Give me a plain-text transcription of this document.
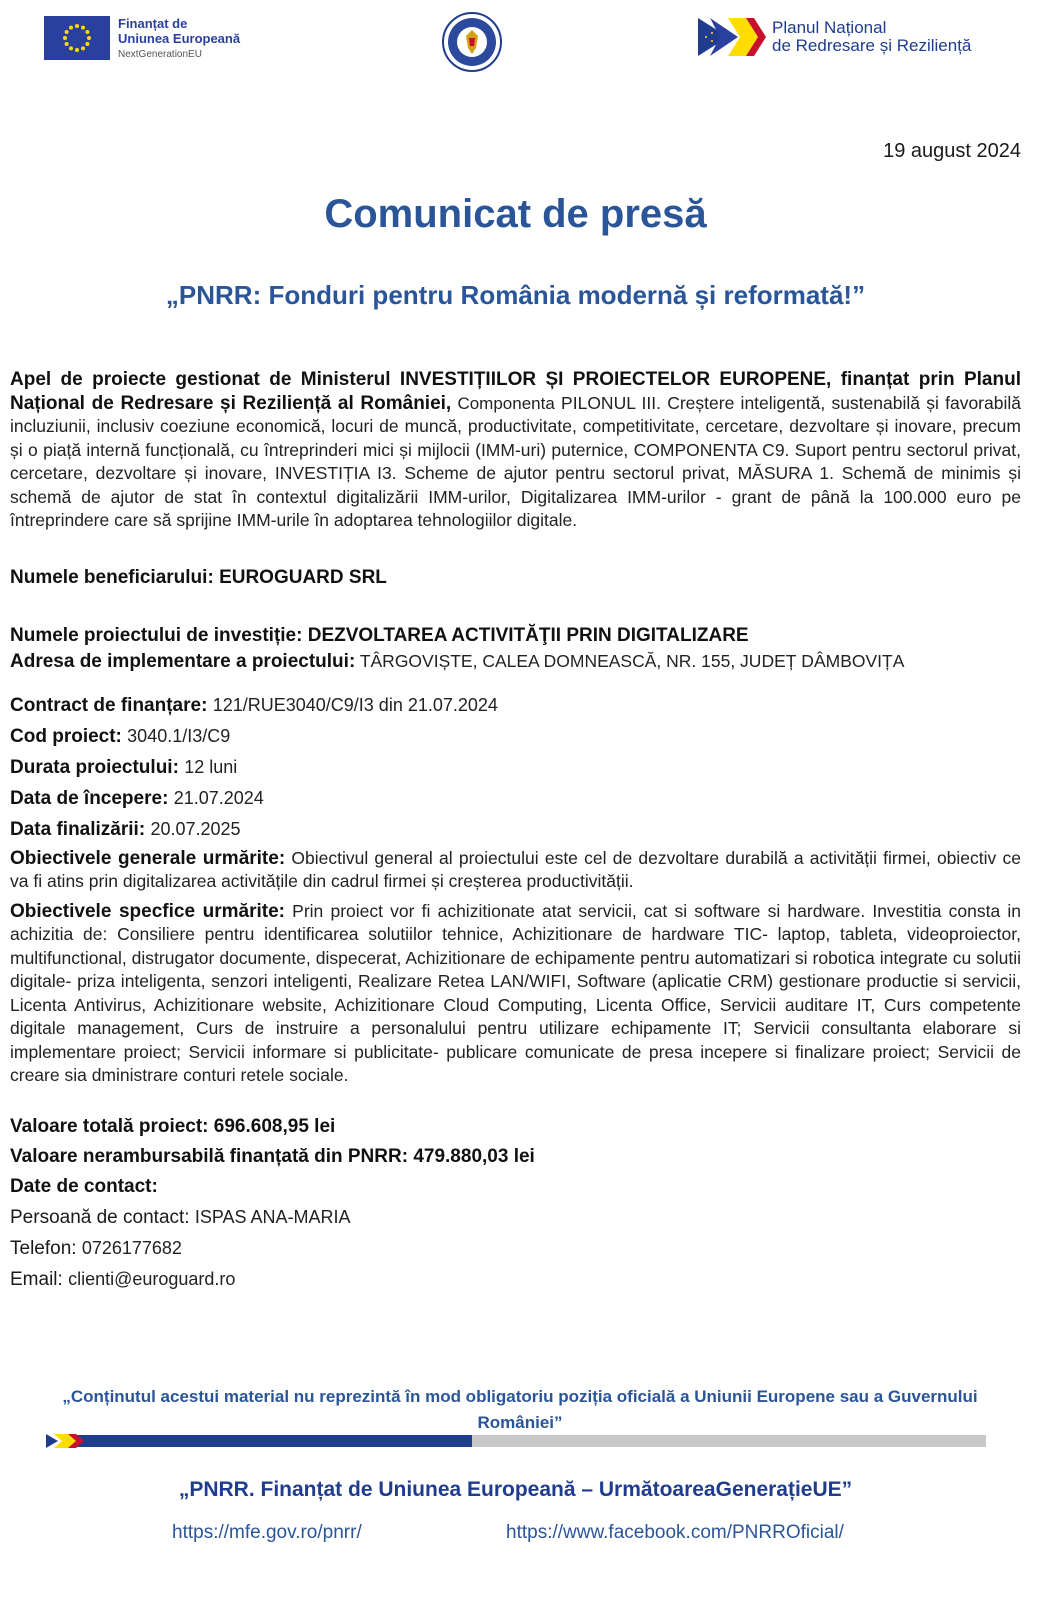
Finanțat de
Uniunea Europeană
NextGenerationEU
Planul Național
de Redresare și Reziliență
19 august 2024
Comunicat de presă
„PNRR: Fonduri pentru România modernă și reformată!”
Apel de proiecte gestionat de Ministerul INVESTIȚIILOR ȘI PROIECTELOR EUROPENE, finanțat prin Planul Național de Redresare și Reziliență al României, Componenta PILONUL III. Creștere inteligentă, sustenabilă și favorabilă incluziunii, inclusiv coeziune economică, locuri de muncă, productivitate, competitivitate, cercetare, dezvoltare și inovare, precum și o piață internă funcțională, cu întreprinderi mici și mijlocii (IMM-uri) puternice, COMPONENTA C9. Suport pentru sectorul privat, cercetare, dezvoltare și inovare, INVESTIȚIA I3. Scheme de ajutor pentru sectorul privat, MĂSURA 1. Schemă de minimis și schemă de ajutor de stat în contextul digitalizării IMM-urilor, Digitalizarea IMM-urilor - grant de până la 100.000 euro pe întreprindere care să sprijine IMM-urile în adoptarea tehnologiilor digitale.
Numele beneficiarului: EUROGUARD SRL
Numele proiectului de investiție: DEZVOLTAREA ACTIVITĂŢII PRIN DIGITALIZARE
Adresa de implementare a proiectului: TÂRGOVIȘTE, CALEA DOMNEASCĂ, NR. 155, JUDEȚ DÂMBOVIȚA
Contract de finanțare: 121/RUE3040/C9/I3 din 21.07.2024
Cod proiect: 3040.1/I3/C9
Durata proiectului: 12 luni
Data de începere: 21.07.2024
Data finalizării: 20.07.2025
Obiectivele generale urmărite: Obiectivul general al proiectului este cel de dezvoltare durabilă a activității firmei, obiectiv ce va fi atins prin digitalizarea activitățile din cadrul firmei și creșterea productivității.
Obiectivele specfice urmărite: Prin proiect vor fi achizitionate atat servicii, cat si software si hardware. Investitia consta in achizitia de: Consiliere pentru identificarea solutiilor tehnice, Achizitionare de hardware TIC- laptop, tableta, videoproiector, multifunctional, distrugator documente, dispecerat, Achizitionare de echipamente pentru automatizari si robotica integrate cu solutii digitale- priza inteligenta, senzori inteligenti, Realizare Retea LAN/WIFI, Software (aplicatie CRM) gestionare productie si servicii, Licenta Antivirus, Achizitionare website, Achizitionare Cloud Computing, Licenta Office, Servicii auditare IT, Curs competente digitale management, Curs de instruire a personalului pentru utilizare echipamente IT; Servicii consultanta elaborare si implementare proiect; Servicii informare si publicitate- publicare comunicate de presa incepere si finalizare proiect; Servicii de creare sia dministrare conturi retele sociale.
Valoare totală proiect: 696.608,95 lei
Valoare nerambursabilă finanțată din PNRR: 479.880,03 lei
Date de contact:
Persoană de contact: ISPAS ANA-MARIA
Telefon: 0726177682
Email: clienti@euroguard.ro
„Conținutul acestui material nu reprezintă în mod obligatoriu poziția oficială a Uniunii Europene sau a Guvernului României”
„PNRR. Finanțat de Uniunea Europeană – UrmătoareaGenerațieUE”
https://mfe.gov.ro/pnrr/	https://www.facebook.com/PNRROficial/
